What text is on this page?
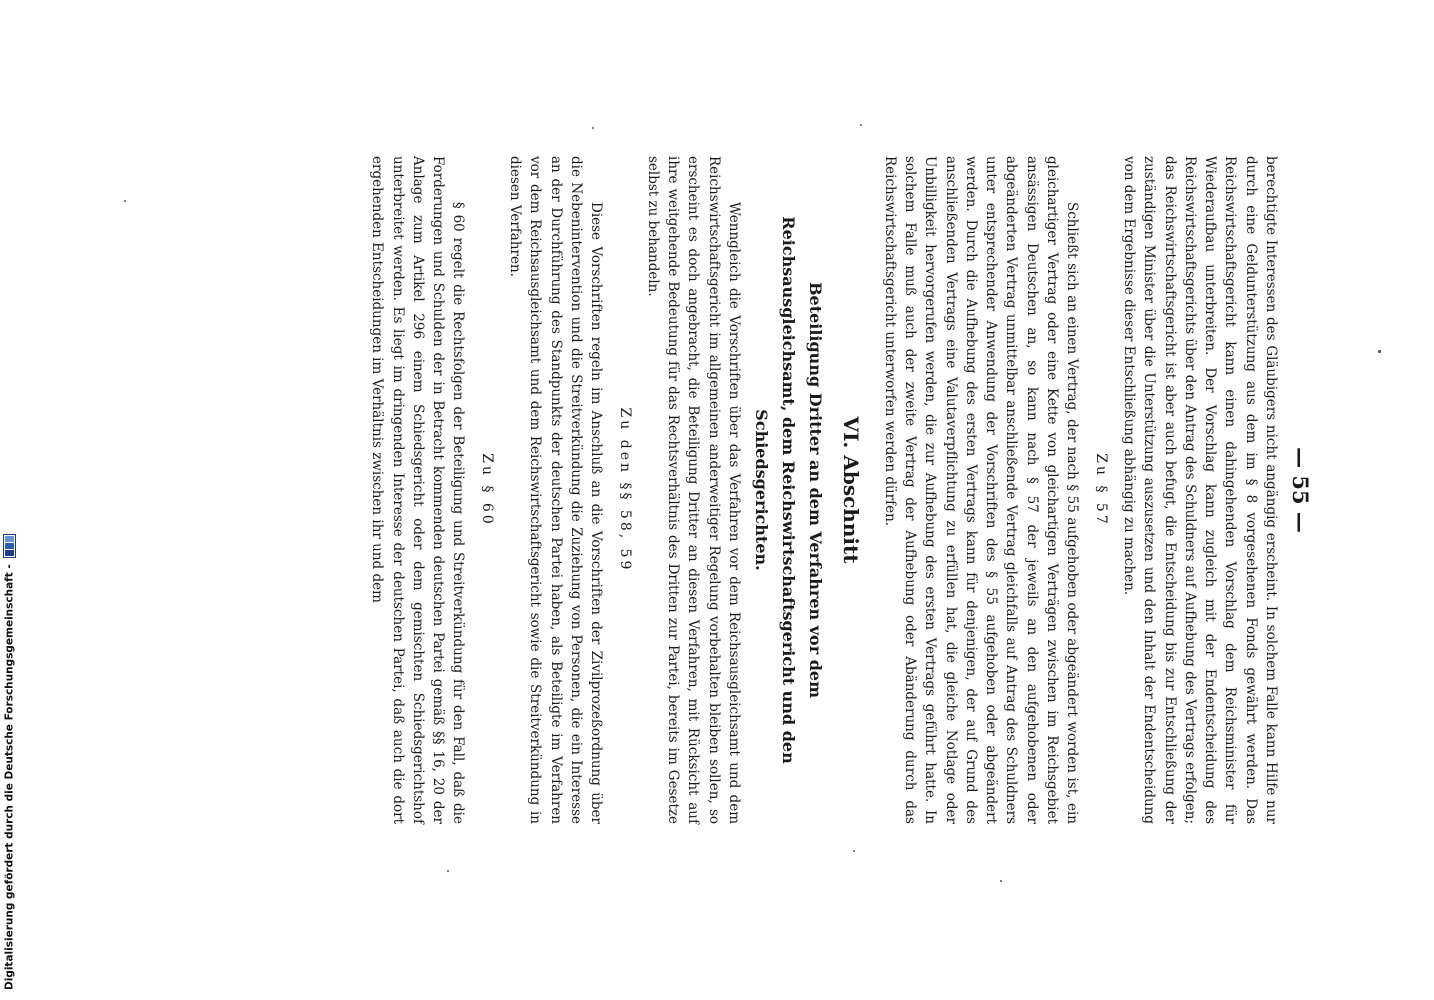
— 55 —

berechtigte Interessen des Gläubigers nicht angängig erscheint. In solchem Falle kann Hilfe nur durch eine Geldunterstützung aus dem im § 8 vorgesehenen Fonds gewährt werden. Das Reichswirtschaftsgericht kann einen dahingehenden Vorschlag dem Reichsminister für Wiederaufbau unterbreiten. Der Vorschlag kann zugleich mit der Endentscheidung des Reichswirtschaftsgerichts über den Antrag des Schuldners auf Aufhebung des Vertrags erfolgen; das Reichswirtschaftsgericht ist aber auch befugt, die Entscheidung bis zur Entschließung der zuständigen Minister über die Unterstützung auszusetzen und den Inhalt der Endentscheidung von dem Ergebnisse dieser Entschließung abhängig zu machen.

Zu § 57

Schließt sich an einen Vertrag, der nach § 55 aufgehoben oder abgeändert worden ist, ein gleichartiger Vertrag oder eine Kette von gleichartigen Verträgen zwischen im Reichsgebiet ansässigen Deutschen an, so kann nach § 57 der jeweils an den aufgehobenen oder abgeänderten Vertrag unmittelbar anschließende Vertrag gleichfalls auf Antrag des Schuldners unter entsprechender Anwendung der Vorschriften des § 55 aufgehoben oder abgeändert werden. Durch die Aufhebung des ersten Vertrags kann für denjenigen, der auf Grund des anschließenden Vertrags eine Valutaverpflichtung zu erfüllen hat, die gleiche Notlage oder Unbilligkeit hervorgerufen werden, die zur Aufhebung des ersten Vertrags geführt hatte. In solchem Falle muß auch der zweite Vertrag der Aufhebung oder Abänderung durch das Reichswirtschaftsgericht unterworfen werden dürfen.

VI. Abschnitt
Beteiligung Dritter an dem Verfahren vor dem Reichsausgleichsamt, dem Reichswirtschaftsgericht und den Schiedsgerichten.

Wenngleich die Vorschriften über das Verfahren vor dem Reichsausgleichsamt und dem Reichswirtschaftsgericht im allgemeinen anderweitiger Regelung vorbehalten bleiben sollen, so erscheint es doch angebracht, die Beteiligung Dritter an diesen Verfahren, mit Rücksicht auf ihre weitgehende Bedeutung für das Rechtsverhältnis des Dritten zur Partei, bereits im Gesetze selbst zu behandeln.

Zu den §§ 58, 59

Diese Vorschriften regeln im Anschluß an die Vorschriften der Zivilprozeßordnung über die Nebenintervention und die Streitverkündung die Zuziehung von Personen, die ein Interesse an der Durchführung des Standpunkts der deutschen Partei haben, als Beteiligte im Verfahren vor dem Reichsausgleichsamt und dem Reichswirtschaftsgericht sowie die Streitverkündung in diesen Verfahren.

Zu § 60

§ 60 regelt die Rechtsfolgen der Beteiligung und Streitverkündung für den Fall, daß die Forderungen und Schulden der in Betracht kommenden deutschen Partei gemäß §§ 16, 20 der Anlage zum Artikel 296 einem Schiedsgericht oder dem gemischten Schiedsgerichtshof unterbreitet werden. Es liegt im dringenden Interesse der deutschen Partei, daß auch die dort ergehenden Entscheidungen im Verhältnis zwischen ihr und dem

Digitalisierung gefördert durch die Deutsche Forschungsgemeinschaft -
